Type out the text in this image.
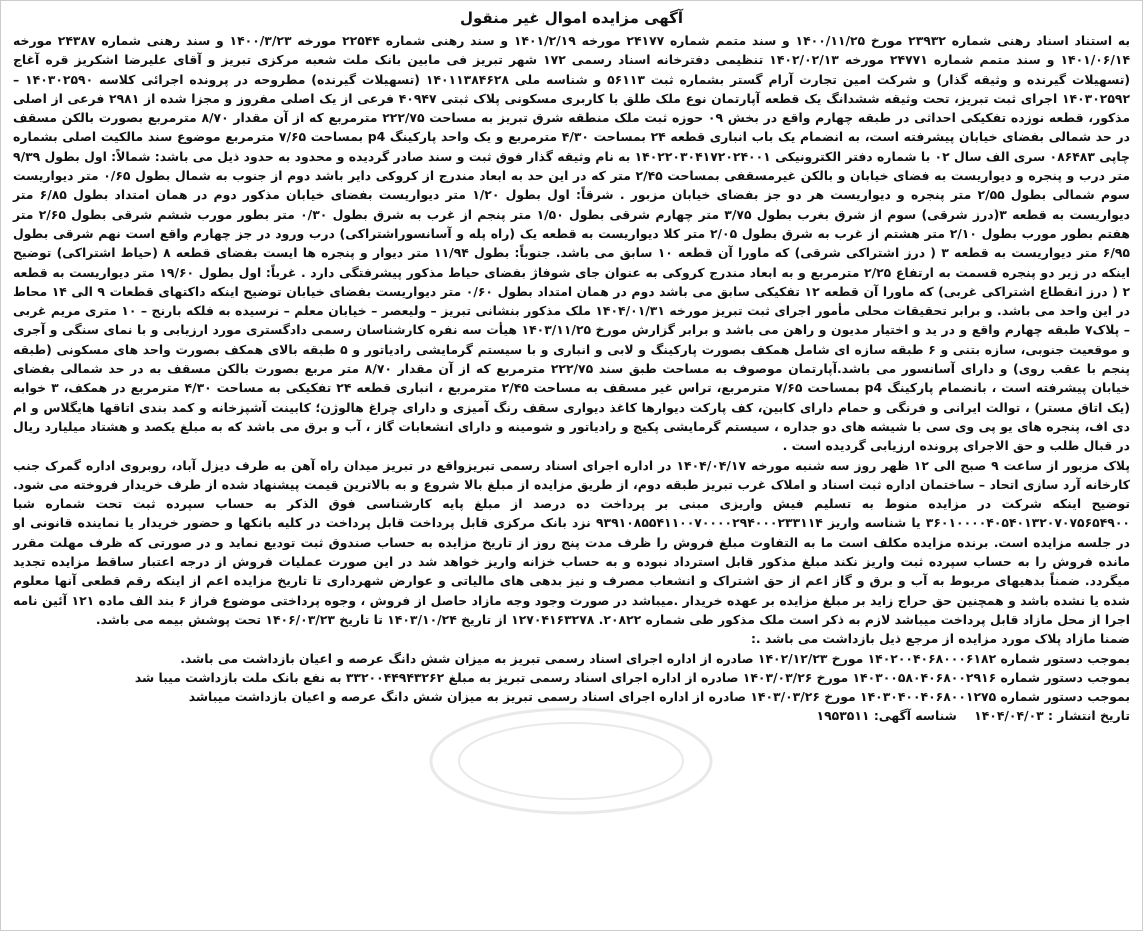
آگهی مزایده اموال غیر منقول

به استناد اسناد رهنی شماره ۲۳۹۳۲ مورخ ۱۴۰۰/۱۱/۲۵ و سند متمم شماره ۲۴۱۷۷ مورخه ۱۴۰۱/۲/۱۹ و سند رهنی شماره ۲۲۵۴۴ مورخه ۱۴۰۰/۳/۲۳ و سند رهنی شماره ۲۴۳۸۷ مورخه ۱۴۰۱/۰۶/۱۴ و سند متمم شماره ۲۴۷۷۱ مورخه ۱۴۰۲/۰۲/۱۳ تنظیمی دفترخانه اسناد رسمی ۱۷۲ شهر تبریز فی مابین بانک ملت شعبه مرکزی تبریز و آقای علیرضا اشکریز قره آغاج (تسهیلات گیرنده و وثیقه گذار) و شرکت امین تجارت آرام گستر بشماره ثبت ۵۶۱۱۳ و شناسه ملی ۱۴۰۱۱۳۸۴۶۲۸ (تسهیلات گیرنده) مطروحه در پرونده اجرائی کلاسه ۱۴۰۳۰۲۵۹۰ – ۱۴۰۳۰۲۵۹۲ اجرای ثبت تبریز، تحت وثیقه ششدانگ یک قطعه آپارتمان نوع ملک طلق با کاربری مسکونی پلاک ثبتی ۴۰۹۴۷ فرعی از یک اصلی مفروز و مجزا شده از ۲۹۸۱ فرعی از اصلی مذکور، قطعه نوزده تفکیکی احداثی در طبقه چهارم واقع در بخش ۰۹ حوزه ثبت ملک منطقه شرق تبریز به مساحت ۲۲۲/۷۵ مترمربع که از آن مقدار ۸/۷۰ مترمربع بصورت بالکن مسقف در حد شمالی بفضای خیابان پیشرفته است، به انضمام یک باب انباری قطعه ۲۴ بمساحت ۴/۳۰ مترمربع و یک واحد پارکینگ p4 بمساحت ۷/۶۵ مترمربع موضوع سند مالکیت اصلی بشماره چاپی ۰۸۶۴۸۳ سری الف سال ۰۲ با شماره دفتر الکترونیکی ۱۴۰۲۲۰۳۰۴۱۷۲۰۲۴۰۰۱ به نام وثیقه گذار فوق ثبت و سند صادر گردیده و محدود به حدود ذیل می باشد: شمالاً: اول بطول ۹/۳۹ متر درب و پنجره و دیواریست به فضای خیابان و بالکن غیرمسقفی بمساحت ۲/۴۵ متر که در این حد به ابعاد مندرج از کروکی دایر باشد دوم از جنوب به شمال بطول ۰/۶۵ متر دیواریست سوم شمالی بطول ۲/۵۵ متر پنجره و دیواریست هر دو جز بفضای خیابان مزبور . شرقاً: اول بطول ۱/۲۰ متر دیواریست بفضای خیابان مذکور دوم در همان امتداد بطول ۶/۸۵ متر دیواریست به قطعه ۳(درز شرقی) سوم از شرق بغرب بطول ۳/۷۵ متر چهارم شرقی بطول ۱/۵۰ متر پنجم از غرب به شرق بطول ۰/۳۰ متر بطور مورب ششم شرقی بطول ۲/۶۵ متر هفتم بطور مورب بطول ۲/۱۰ متر هشتم از غرب به شرق بطول ۲/۰۵ متر کلا دیواریست به قطعه یک (راه پله و آسانسوراشتراکی) درب ورود در جز چهارم واقع است نهم شرقی بطول ۶/۹۵ متر دیواریست به قطعه ۳ ( درز اشتراکی شرقی) که ماورا آن قطعه ۱۰ سابق می باشد. جنوباً: بطول ۱۱/۹۴ متر دیوار و پنجره ها ایست بفضای قطعه ۸ (حیاط اشتراکی) توضیح اینکه در زیر دو پنجره قسمت به ارتفاع ۲/۲۵ مترمربع و به ابعاد مندرج کروکی به عنوان جای شوفاژ بفضای حیاط مذکور پیشرفتگی دارد . غرباً: اول بطول ۱۹/۶۰ متر دیواریست به قطعه ۲ ( درز انقطاع اشتراکی غربی) که ماورا آن قطعه ۱۲ تفکیکی سابق می باشد دوم در همان امتداد بطول ۰/۶۰ متر دیواریست بفضای خیابان توضیح اینکه داکتهای قطعات ۹ الی ۱۴ محاط در این واحد می باشد. و برابر تحقیقات محلی مأمور اجرای ثبت تبریز مورخه ۱۴۰۴/۰۱/۳۱ ملک مذکور بنشانی تبریز – ولیعصر – خیابان معلم – نرسیده به فلکه بارنج – ۱۰ متری مریم غربی – پلاک۷ طبقه چهارم واقع و در ید و اختیار مدیون و راهن می باشد و برابر گزارش مورخ ۱۴۰۳/۱۱/۲۵ هیأت سه نفره کارشناسان رسمی دادگستری مورد ارزیابی و با نمای سنگی و آجری و موقعیت جنوبی، سازه بتنی و ۶ طبقه سازه ای شامل همکف بصورت پارکینگ و لابی و انباری و با سیستم گرمایشی رادیاتور و ۵ طبقه بالای همکف بصورت واحد های مسکونی (طبقه پنجم با عقب روی) و دارای آسانسور می باشد.آپارتمان موصوف به مساحت طبق سند ۲۲۲/۷۵ مترمربع که از آن مقدار ۸/۷۰ متر مربع بصورت بالکن مسقف به در حد شمالی بفضای خیابان پیشرفته است ، بانضمام پارکینگ p4 بمساحت ۷/۶۵ مترمربع، تراس غیر مسقف به مساحت ۲/۴۵ مترمربع ، انباری قطعه ۲۴ تفکیکی به مساحت ۴/۳۰ مترمربع در همکف، ۳ خوابه (یک اتاق مستر) ، توالت ایرانی و فرنگی و حمام دارای کابین، کف پارکت دیوارها کاغذ دیواری سقف رنگ آمیزی و دارای چراغ هالوژن؛ کابینت آشپزخانه و کمد بندی اتاقها هایگلاس و ام دی اف، پنجره های یو پی وی سی با شیشه های دو جداره ، سیستم گرمایشی پکیج و رادیاتور و شومینه و دارای انشعابات گاز ، آب و برق می باشد که به مبلغ یکصد و هشتاد میلیارد ریال در قبال طلب و حق الاجرای پرونده ارزیابی گردیده است .

پلاک مزبور از ساعت ۹ صبح الی ۱۲ ظهر روز سه شنبه مورخه ۱۴۰۴/۰۴/۱۷ در اداره اجرای اسناد رسمی تبریزواقع در تبریز میدان راه آهن به طرف دیزل آباد، روبروی اداره گمرک جنب کارخانه آرد سازی اتحاد – ساختمان اداره ثبت اسناد و املاک غرب تبریز طبقه دوم، از طریق مزایده از مبلغ بالا شروع و به بالاترین قیمت پیشنهاد شده از طرف خریدار فروخته می شود. توضیح اینکه شرکت در مزایده منوط به تسلیم فیش واریزی مبنی بر پرداخت ده درصد از مبلغ پایه کارشناسی فوق الذکر به حساب سپرده ثبت تحت شماره شبا ۳۶۰۱۰۰۰۰۴۰۵۴۰۱۳۲۰۷۰۷۵۶۵۴۹۰۰ یا شناسه واریز ۹۳۹۱۰۸۵۵۴۱۱۰۰۷۰۰۰۰۲۹۴۰۰۰۲۳۳۱۱۴ نزد بانک مرکزی قابل پرداخت قابل پرداخت در کلیه بانکها و حضور خریدار یا نماینده قانونی او در جلسه مزایده است. برنده مزایده مکلف است ما به التفاوت مبلغ فروش را ظرف مدت پنج روز از تاریخ مزایده به حساب صندوق ثبت تودیع نماید و در صورتی که ظرف مهلت مقرر مانده فروش را به حساب سپرده ثبت واریز نکند مبلغ مذکور قابل استرداد نبوده و به حساب خزانه واریز خواهد شد در این صورت عملیات فروش از درجه اعتبار ساقط مزایده تجدید میگردد. ضمناً بدهیهای مربوط به آب و برق و گاز اعم از حق اشتراک و انشعاب مصرف و نیز بدهی های مالیاتی و عوارض شهرداری تا تاریخ مزایده اعم از اینکه رقم قطعی آنها معلوم شده یا نشده باشد و همچنین حق حراج زاید بر مبلغ مزایده بر عهده خریدار .میباشد در صورت وجود وجه مازاد حاصل از فروش ، وجوه پرداختی موضوع فراز ۶ بند الف ماده ۱۲۱ آئین نامه اجرا از محل مازاد قابل پرداخت میباشد لازم به ذکر است ملک مذکور طی شماره ۲۰۸۲۲. ۱۲۷۰۴۱۶۳۲۷۸ از تاریخ ۱۴۰۳/۱۰/۲۴ تا تاریخ ۱۴۰۶/۰۳/۲۳ تحت پوشش بیمه می باشد.

ضمنا مازاد پلاک مورد مزایده از مرجع ذیل بازداشت می باشد .:

بموجب دستور شماره ۱۴۰۲۰۰۴۰۶۸۰۰۰۶۱۸۲ مورخ ۱۴۰۲/۱۲/۲۳ صادره از اداره اجرای اسناد رسمی تبریز به میزان شش دانگ عرصه و اعیان بازداشت می باشد.

بموجب دستور شماره ۱۴۰۳۰۰۵۸۰۴۰۶۸۰۰۲۹۱۶ مورخ ۱۴۰۳/۰۳/۲۶ صادره از اداره اجرای اسناد رسمی تبریز به مبلغ ۳۳۲۰۰۴۴۹۴۳۲۶۲ به نفع بانک ملت بازداشت میبا شد

بموجب دستور شماره ۱۴۰۳۰۴۰۰۴۰۶۸۰۰۱۲۷۵ مورخ ۱۴۰۳/۰۳/۲۶ صادره از اداره اجرای اسناد رسمی تبریز به میزان شش دانگ عرصه و اعیان بازداشت میباشد

تاریخ انتشار : ۱۴۰۴/۰۴/۰۳    شناسه آگهی: ۱۹۵۳۵۱۱
